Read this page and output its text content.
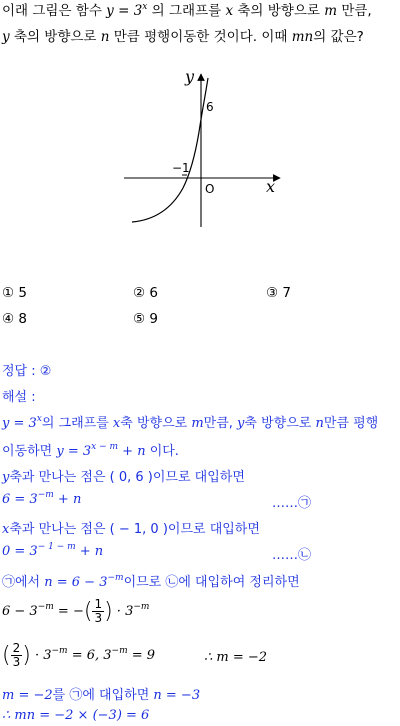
이래 그림은 함수 $y = 3^x$ 의 그래프를 x 축의 방향으로 m 만큼,
y 축의 방향으로 n 만큼 평행이동한 것이다. 이때 mn의 값은?
y
x
6
−1
O
① 5	② 6	③ 7
④ 8	⑤ 9
정답 : ②
해설 :
$y = 3^x$의 그래프를 x축 방향으로 m만큼, y축 방향으로 n만큼 평행
이동하면 $y = 3^{x - m} + n$ 이다.
y축과 만나는 점은 ( 0, 6 )이므로 대입하면
$6 = 3^{-m} + n$	……㉠
x축과 만나는 점은 ( − 1, 0 )이므로 대입하면
$0 = 3^{- 1 - m} + n$	……㉡
㉠에서 $n = 6 - 3^{-m}$이므로 ㉡에 대입하여 정리하면
$6 - 3^{-m}$ = −( $\frac{1}{3}$ ) · $3^{-m}$
( $\frac{2}{3}$ ) · $3^{-m} = 6$, $3^{-m} = 9$	∴ m = −2
m = −2를 ㉠에 대입하면 n = −3
∴ mn = −2 × (−3) = 6
